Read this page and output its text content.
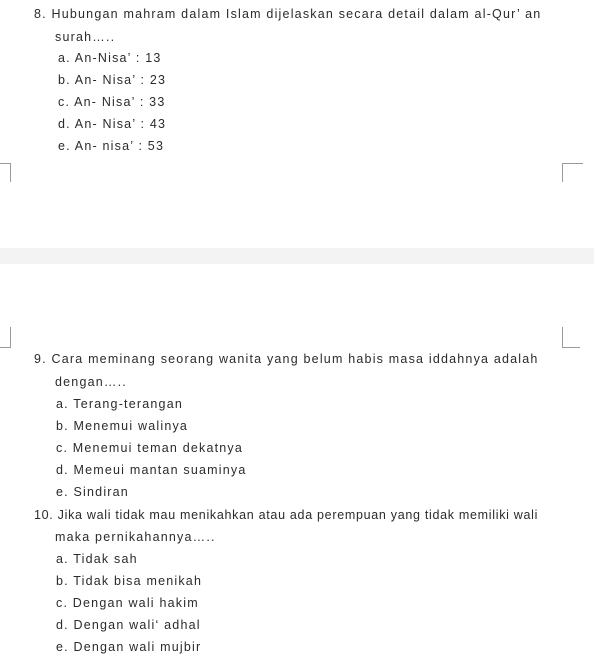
8. Hubungan mahram dalam Islam dijelaskan secara detail dalam al-Qur’ an
surah…..
a. An-Nisa’ : 13
b. An- Nisa’ : 23
c. An- Nisa’ : 33
d. An- Nisa’ : 43
e. An- nisa’ : 53
9. Cara meminang seorang wanita yang belum habis masa iddahnya adalah
dengan…..
a. Terang-terangan
b. Menemui walinya
c. Menemui teman dekatnya
d. Memeui mantan suaminya
e. Sindiran
10. Jika wali tidak mau menikahkan atau ada perempuan yang tidak memiliki wali
maka pernikahannya…..
a. Tidak sah
b. Tidak bisa menikah
c. Dengan wali hakim
d. Dengan wali‘ adhal
e. Dengan wali mujbir
